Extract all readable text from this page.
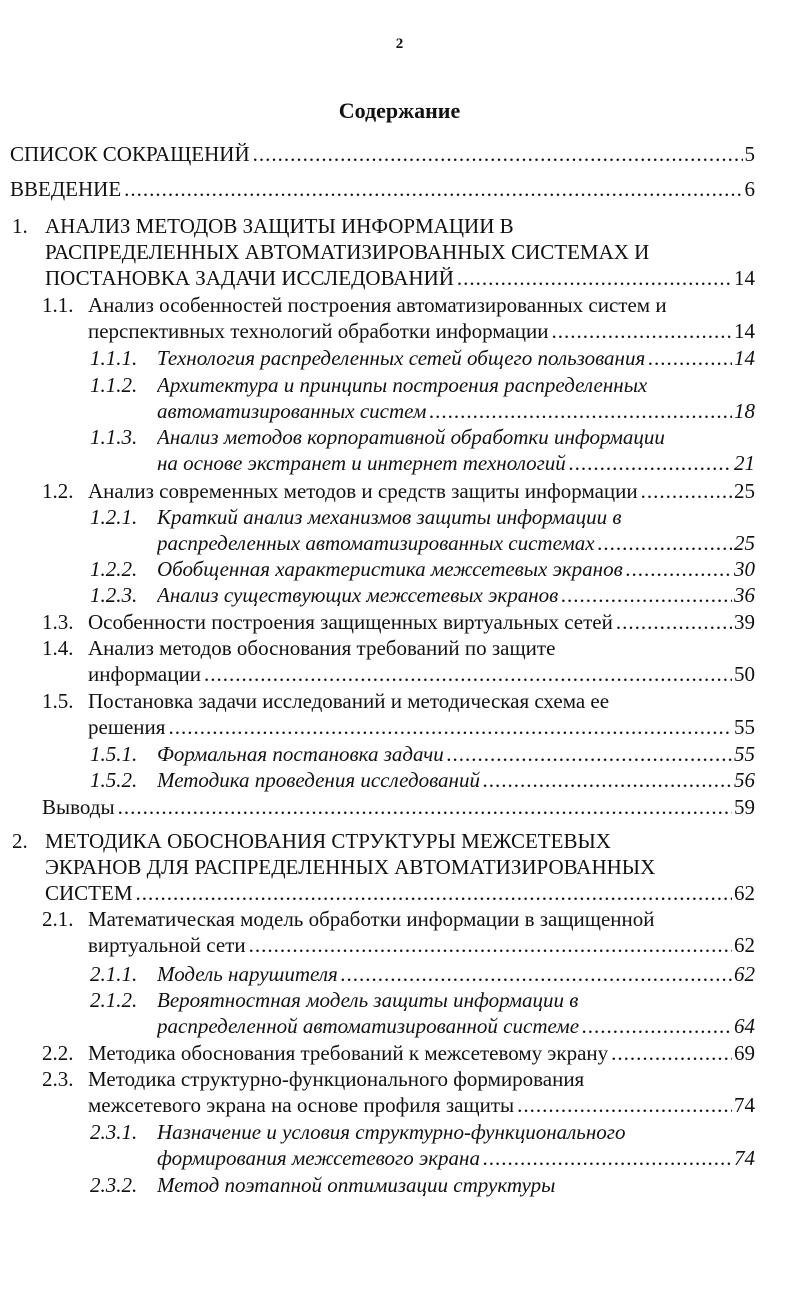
2
Содержание
СПИСОК СОКРАЩЕНИЙ .....	5
ВВЕДЕНИЕ .....	6
1. АНАЛИЗ МЕТОДОВ ЗАЩИТЫ ИНФОРМАЦИИ В
РАСПРЕДЕЛЕННЫХ АВТОМАТИЗИРОВАННЫХ СИСТЕМАХ И
ПОСТАНОВКА ЗАДАЧИ ИССЛЕДОВАНИЙ .....	14
1.1. Анализ особенностей построения автоматизированных систем и
перспективных технологий обработки информации .....	14
1.1.1. Технология распределенных сетей общего пользования .....	14
1.1.2. Архитектура и принципы построения распределенных
автоматизированных систем .....	18
1.1.3. Анализ методов корпоративной обработки информации
на основе экстранет и интернет технологий .....	21
1.2. Анализ современных методов и средств защиты информации .....	25
1.2.1. Краткий анализ механизмов защиты информации в
распределенных автоматизированных системах .....	25
1.2.2. Обобщенная характеристика межсетевых экранов .....	30
1.2.3. Анализ существующих межсетевых экранов .....	36
1.3. Особенности построения защищенных виртуальных сетей .....	39
1.4. Анализ методов обоснования требований по защите
информации .....	50
1.5. Постановка задачи исследований и методическая схема ее
решения .....	55
1.5.1. Формальная постановка задачи .....	55
1.5.2. Методика проведения исследований .....	56
Выводы .....	59
2. МЕТОДИКА ОБОСНОВАНИЯ СТРУКТУРЫ МЕЖСЕТЕВЫХ
ЭКРАНОВ ДЛЯ РАСПРЕДЕЛЕННЫХ АВТОМАТИЗИРОВАННЫХ
СИСТЕМ .....	62
2.1. Математическая модель обработки информации в защищенной
виртуальной сети .....	62
2.1.1. Модель нарушителя .....	62
2.1.2. Вероятностная модель защиты информации в
распределенной автоматизированной системе .....	64
2.2. Методика обоснования требований к межсетевому экрану .....	69
2.3. Методика структурно-функционального формирования
межсетевого экрана на основе профиля защиты .....	74
2.3.1. Назначение и условия структурно-функционального
формирования межсетевого экрана .....	74
2.3.2. Метод поэтапной оптимизации структуры
